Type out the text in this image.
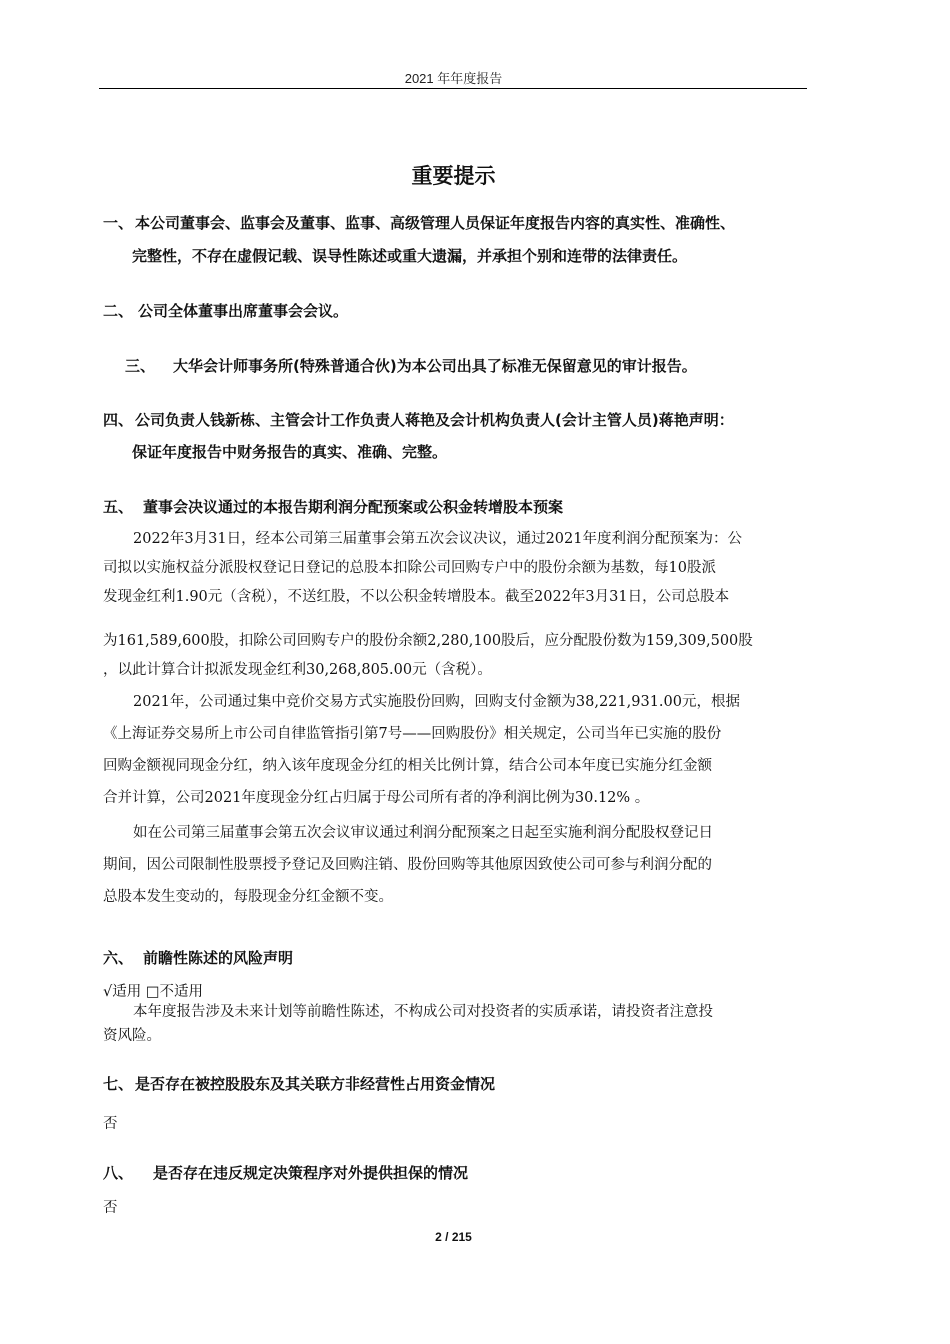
2021 年年度报告
重要提示
一、 本公司董事会、监事会及董事、监事、高级管理人员保证年度报告内容的真实性、准确性、
完整性，不存在虚假记载、误导性陈述或重大遗漏，并承担个别和连带的法律责任。
二、 公司全体董事出席董事会会议。
三、 大华会计师事务所(特殊普通合伙)为本公司出具了标准无保留意见的审计报告。
四、 公司负责人钱新栋、主管会计工作负责人蒋艳及会计机构负责人(会计主管人员)蒋艳声明：
保证年度报告中财务报告的真实、准确、完整。
五、 董事会决议通过的本报告期利润分配预案或公积金转增股本预案
2022年3月31日，经本公司第三届董事会第五次会议决议，通过2021年度利润分配预案为：公
司拟以实施权益分派股权登记日登记的总股本扣除公司回购专户中的股份余额为基数，每10股派
发现金红利1.90元（含税），不送红股，不以公积金转增股本。截至2022年3月31日，公司总股本
为161,589,600股，扣除公司回购专户的股份余额2,280,100股后，应分配股份数为159,309,500股
，以此计算合计拟派发现金红利30,268,805.00元（含税）。
2021年，公司通过集中竞价交易方式实施股份回购，回购支付金额为38,221,931.00元，根据
《上海证券交易所上市公司自律监管指引第7号——回购股份》相关规定，公司当年已实施的股份
回购金额视同现金分红，纳入该年度现金分红的相关比例计算，结合公司本年度已实施分红金额
合并计算，公司2021年度现金分红占归属于母公司所有者的净利润比例为30.12% 。
如在公司第三届董事会第五次会议审议通过利润分配预案之日起至实施利润分配股权登记日
期间，因公司限制性股票授予登记及回购注销、股份回购等其他原因致使公司可参与利润分配的
总股本发生变动的，每股现金分红金额不变。
六、 前瞻性陈述的风险声明
√适用 □不适用
本年度报告涉及未来计划等前瞻性陈述，不构成公司对投资者的实质承诺，请投资者注意投
资风险。
七、 是否存在被控股股东及其关联方非经营性占用资金情况
否
八、 是否存在违反规定决策程序对外提供担保的情况
否
2 / 215
